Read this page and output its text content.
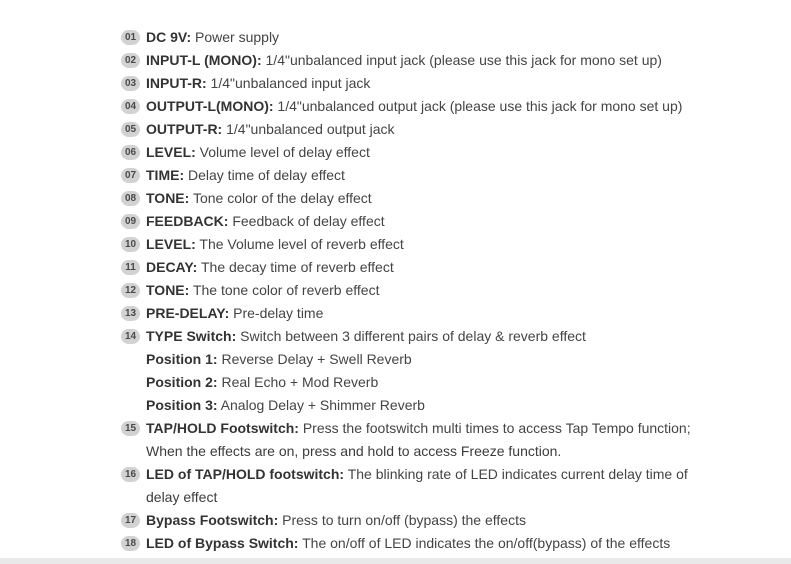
01 DC 9V: Power supply
02 INPUT-L (MONO): 1/4"unbalanced input jack (please use this jack for mono set up)
03 INPUT-R: 1/4"unbalanced input jack
04 OUTPUT-L(MONO): 1/4"unbalanced output jack (please use this jack for mono set up)
05 OUTPUT-R: 1/4"unbalanced output jack
06 LEVEL: Volume level of delay effect
07 TIME: Delay time of delay effect
08 TONE: Tone color of the delay effect
09 FEEDBACK: Feedback of delay effect
10 LEVEL: The Volume level of reverb effect
11 DECAY: The decay time of reverb effect
12 TONE: The tone color of reverb effect
13 PRE-DELAY: Pre-delay time
14 TYPE Switch: Switch between 3 different pairs of delay & reverb effect
Position 1: Reverse Delay + Swell Reverb
Position 2: Real Echo + Mod Reverb
Position 3: Analog Delay + Shimmer Reverb
15 TAP/HOLD Footswitch: Press the footswitch multi times to access Tap Tempo function;
When the effects are on, press and hold to access Freeze function.
16 LED of TAP/HOLD footswitch: The blinking rate of LED indicates current delay time of
delay effect
17 Bypass Footswitch: Press to turn on/off (bypass) the effects
18 LED of Bypass Switch: The on/off of LED indicates the on/off(bypass) of the effects
